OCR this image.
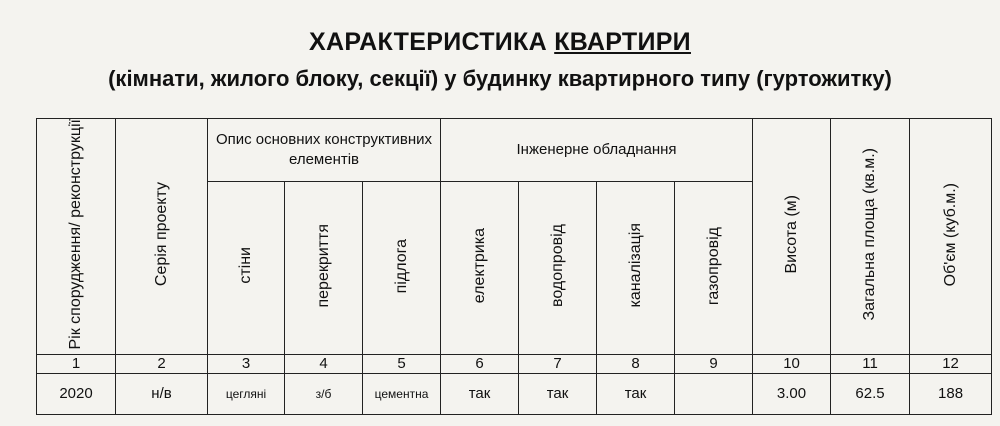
ХАРАКТЕРИСТИКА КВАРТИРИ
(кімнати, жилого блоку, секції) у будинку квартирного типу (гуртожитку)
Рік спорудження/ реконструкції	Серія проекту	Опис основних конструктивних елементів			Інженерне обладнання				Висота (м)	Загальна площа (кв.м.)	Об'єм (куб.м.)
		стіни	перекриття	підлога	електрика	водопровід	каналізація	газопровід			
1	2	3	4	5	6	7	8	9	10	11	12
2020	н/в	цегляні	з/б	цементна	так	так	так		3.00	62.5	188
